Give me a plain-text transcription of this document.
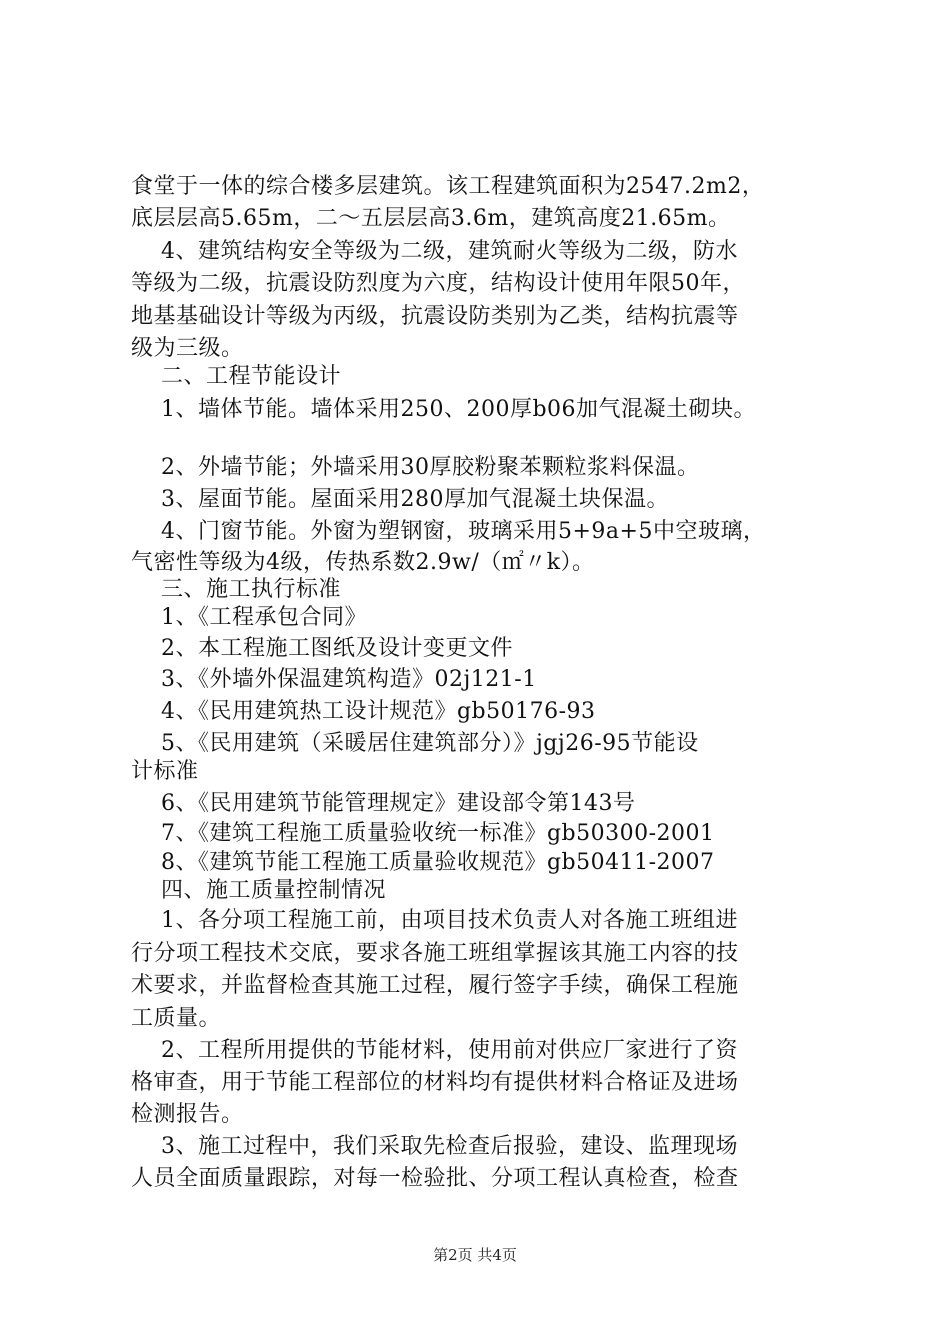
食堂于一体的综合楼多层建筑。该工程建筑面积为2547.2m2，
底层层高5.65m，二～五层层高3.6m，建筑高度21.65m。
4、建筑结构安全等级为二级，建筑耐火等级为二级，防水
等级为二级，抗震设防烈度为六度，结构设计使用年限50年，
地基基础设计等级为丙级，抗震设防类别为乙类，结构抗震等
级为三级。
二、工程节能设计
1、墙体节能。墙体采用250、200厚b06加气混凝土砌块。
2、外墙节能；外墙采用30厚胶粉聚苯颗粒浆料保温。
3、屋面节能。屋面采用280厚加气混凝土块保温。
4、门窗节能。外窗为塑钢窗，玻璃采用5+9a+5中空玻璃，
气密性等级为4级，传热系数2.9w/（㎡〃k）。
三、施工执行标准
1、《工程承包合同》
2、本工程施工图纸及设计变更文件
3、《外墙外保温建筑构造》02j121-1
4、《民用建筑热工设计规范》gb50176-93
5、《民用建筑（采暖居住建筑部分）》jgj26-95节能设
计标准
6、《民用建筑节能管理规定》建设部令第143号
7、《建筑工程施工质量验收统一标准》gb50300-2001
8、《建筑节能工程施工质量验收规范》gb50411-2007
四、施工质量控制情况
1、各分项工程施工前，由项目技术负责人对各施工班组进
行分项工程技术交底，要求各施工班组掌握该其施工内容的技
术要求，并监督检查其施工过程，履行签字手续，确保工程施
工质量。
2、工程所用提供的节能材料，使用前对供应厂家进行了资
格审查，用于节能工程部位的材料均有提供材料合格证及进场
检测报告。
3、施工过程中，我们采取先检查后报验，建设、监理现场
人员全面质量跟踪，对每一检验批、分项工程认真检查，检查
第2页 共4页
